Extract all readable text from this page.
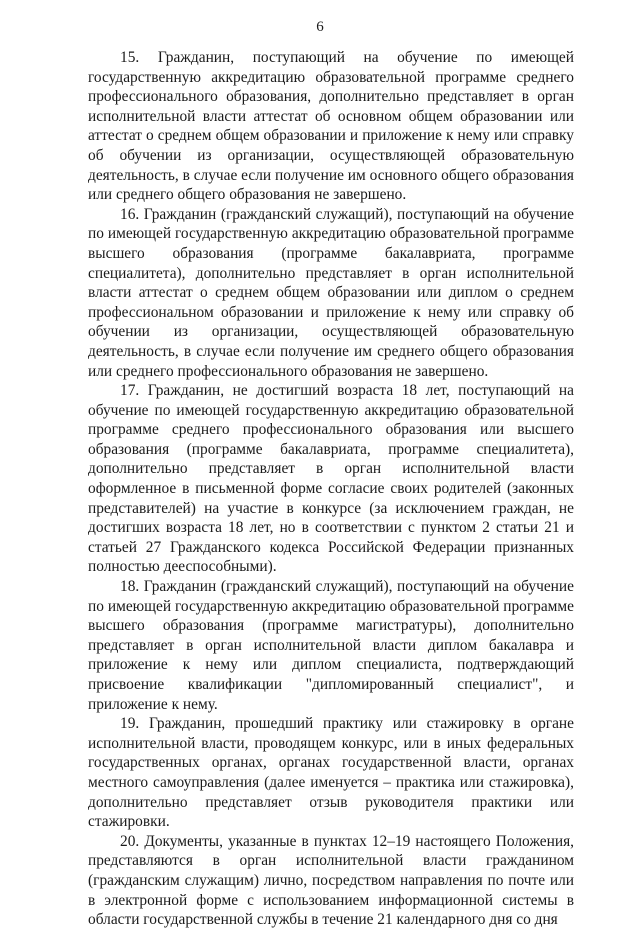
6

15. Гражданин, поступающий на обучение по имеющей государственную аккредитацию образовательной программе среднего профессионального образования, дополнительно представляет в орган исполнительной власти аттестат об основном общем образовании или аттестат о среднем общем образовании и приложение к нему или справку об обучении из организации, осуществляющей образовательную деятельность, в случае если получение им основного общего образования или среднего общего образования не завершено.

16. Гражданин (гражданский служащий), поступающий на обучение по имеющей государственную аккредитацию образовательной программе высшего образования (программе бакалавриата, программе специалитета), дополнительно представляет в орган исполнительной власти аттестат о среднем общем образовании или диплом о среднем профессиональном образовании и приложение к нему или справку об обучении из организации, осуществляющей образовательную деятельность, в случае если получение им среднего общего образования или среднего профессионального образования не завершено.

17. Гражданин, не достигший возраста 18 лет, поступающий на обучение по имеющей государственную аккредитацию образовательной программе среднего профессионального образования или высшего образования (программе бакалавриата, программе специалитета), дополнительно представляет в орган исполнительной власти оформленное в письменной форме согласие своих родителей (законных представителей) на участие в конкурсе (за исключением граждан, не достигших возраста 18 лет, но в соответствии с пунктом 2 статьи 21 и статьей 27 Гражданского кодекса Российской Федерации признанных полностью дееспособными).

18. Гражданин (гражданский служащий), поступающий на обучение по имеющей государственную аккредитацию образовательной программе высшего образования (программе магистратуры), дополнительно представляет в орган исполнительной власти диплом бакалавра и приложение к нему или диплом специалиста, подтверждающий присвоение квалификации "дипломированный специалист", и приложение к нему.

19. Гражданин, прошедший практику или стажировку в органе исполнительной власти, проводящем конкурс, или в иных федеральных государственных органах, органах государственной власти, органах местного самоуправления (далее именуется – практика или стажировка), дополнительно представляет отзыв руководителя практики или стажировки.

20. Документы, указанные в пунктах 12–19 настоящего Положения, представляются в орган исполнительной власти гражданином (гражданским служащим) лично, посредством направления по почте или в электронной форме с использованием информационной системы в области государственной службы в течение 21 календарного дня со дня
